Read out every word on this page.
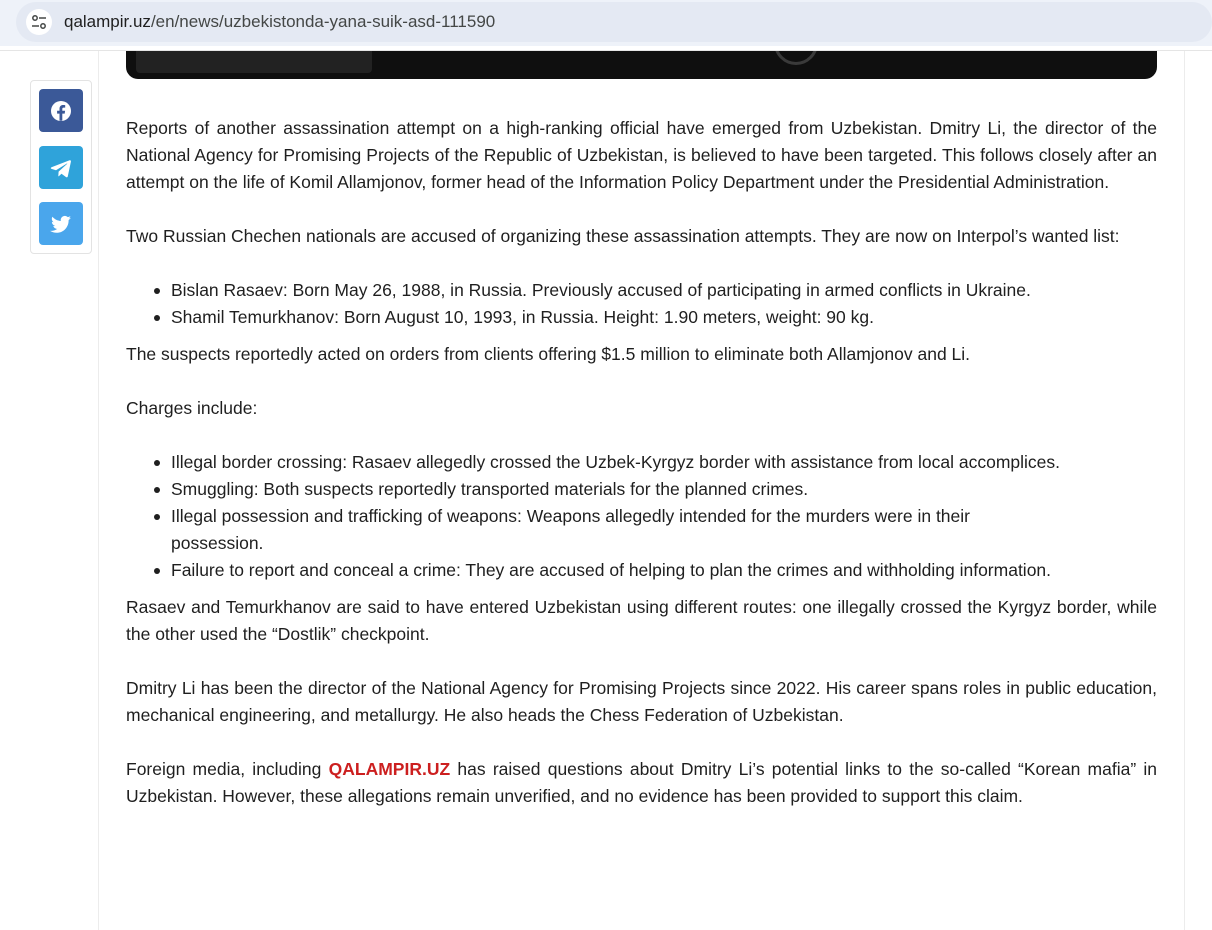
qalampir.uz/en/news/uzbekistonda-yana-suik-asd-111590

Reports of another assassination attempt on a high-ranking official have emerged from Uzbekistan. Dmitry Li, the director of the National Agency for Promising Projects of the Republic of Uzbekistan, is believed to have been targeted. This follows closely after an attempt on the life of Komil Allamjonov, former head of the Information Policy Department under the Presidential Administration.

Two Russian Chechen nationals are accused of organizing these assassination attempts. They are now on Interpol’s wanted list:

Bislan Rasaev: Born May 26, 1988, in Russia. Previously accused of participating in armed conflicts in Ukraine.
Shamil Temurkhanov: Born August 10, 1993, in Russia. Height: 1.90 meters, weight: 90 kg.

The suspects reportedly acted on orders from clients offering $1.5 million to eliminate both Allamjonov and Li.

Charges include:

Illegal border crossing: Rasaev allegedly crossed the Uzbek-Kyrgyz border with assistance from local accomplices.
Smuggling: Both suspects reportedly transported materials for the planned crimes.
Illegal possession and trafficking of weapons: Weapons allegedly intended for the murders were in their possession.
Failure to report and conceal a crime: They are accused of helping to plan the crimes and withholding information.

Rasaev and Temurkhanov are said to have entered Uzbekistan using different routes: one illegally crossed the Kyrgyz border, while the other used the “Dostlik” checkpoint.

Dmitry Li has been the director of the National Agency for Promising Projects since 2022. His career spans roles in public education, mechanical engineering, and metallurgy. He also heads the Chess Federation of Uzbekistan.

Foreign media, including QALAMPIR.UZ has raised questions about Dmitry Li’s potential links to the so-called “Korean mafia” in Uzbekistan. However, these allegations remain unverified, and no evidence has been provided to support this claim.
